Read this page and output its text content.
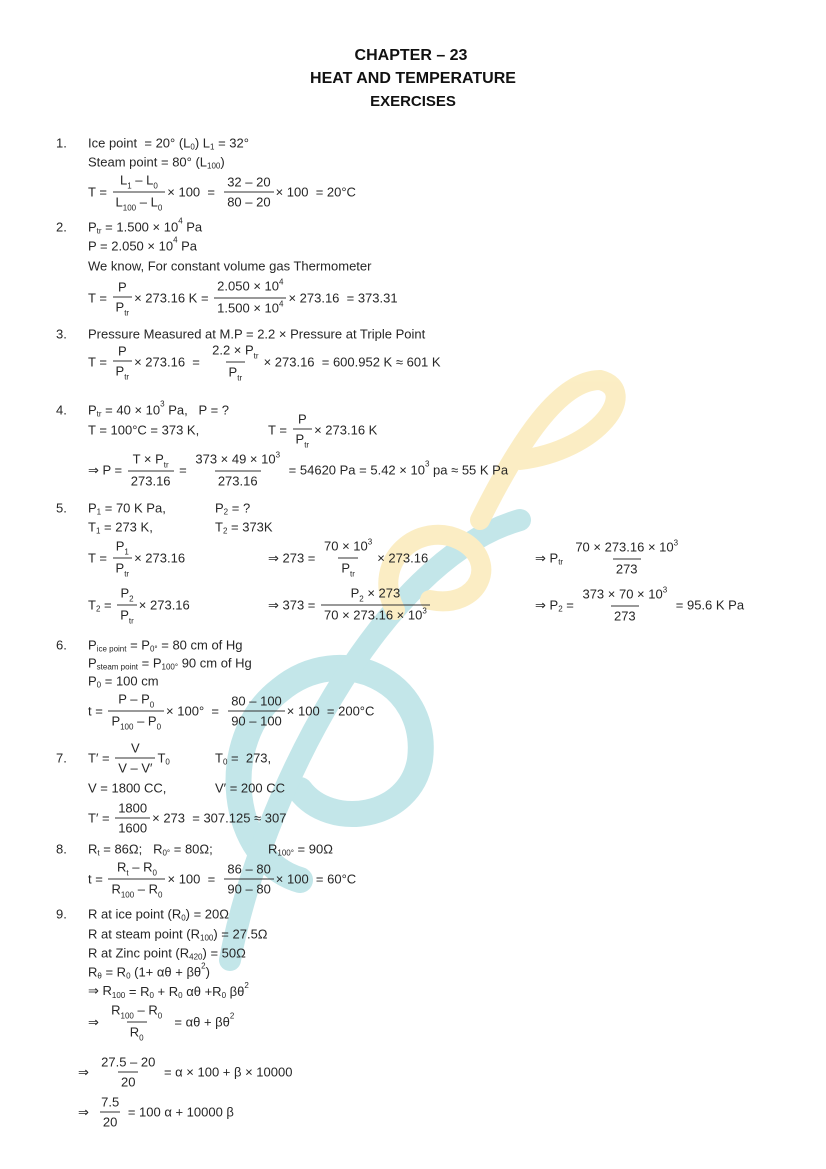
CHAPTER – 23
HEAT AND TEMPERATURE
EXERCISES
1. Ice point  = 20° (L 0 ) L 1 = 32°
Steam point = 80° (L 100 )
$T = \frac{L_1 - L_0}{L_{100} - L_0} \times 100 = \frac{32 - 20}{80 - 20} \times 100 = 20^\circ C$
2. P tr = 1.500 × 10 4 Pa
P = 2.050 × 10 4 Pa
We know, For constant volume gas Thermometer
$T = \frac{P}{P_{tr}} \times 273.16$ $K = \frac{2.050 \times 10^4}{1.500 \times 10^4} \times 273.16 = 373.31$
3. Pressure Measured at M.P = 2.2 × Pressure at Triple Point
$T = \frac{P}{P_{tr}} \times 273.16 = \frac{2.2 \times P_{tr}}{P_{tr}} \times 273.16 = 600.952$ K ≈ 601 K
4. P tr = 40 × 10 3 Pa,   P = ?
T = 100°C = 373 K,	$T = \frac{P}{P_{tr}} \times 273.16$ K
⇒ $P = \frac{T \times P_{tr}}{273.16} = \frac{373 \times 49 \times 10^3}{273.16} = 54620$ Pa = 5.42 × 10 3 pa ≈ 55 K Pa
5. P 1 = 70 K Pa,	P 2 = ?
T 1 = 273 K,	T 2 = 373K
$T = \frac{P_1}{P_{tr}} \times 273.16$	⇒ $273 = \frac{70 \times 10^3}{P_{tr}} \times 273.16$	⇒ P tr
$\frac{70 \times 273.16 \times 10^3}{273}$
T $2 = \frac{P_2}{P_{tr}} \times 273.16$	⇒ $373 = \frac{P_2 \times 273}{70 \times 273.16 \times 10^3}$	⇒ P $2 = \frac{373 \times 70 \times 10^3}{273} = 95.6$ K Pa
6. P ice point = P 0° = 80 cm of Hg
P steam point = P 100° 90 cm of Hg
P 0 = 100 cm
$t = \frac{P - P_0}{P_{100} - P_0} \times 100^\circ = \frac{80 - 100}{90 - 100} \times 100 = 200^\circ C$
7. $T' = \frac{V}{V - V'}$ T 0	T 0 =  273,
V = 1800 CC,	V′ = 200 CC
$T' = \frac{1800}{1600} \times 273 = 307.125 \approx 307$
8. R t = 86Ω;   R 0° = 80Ω;	R 100° = 90Ω
$t = \frac{R_t - R_0}{R_{100} - R_0} \times 100 = \frac{86 - 80}{90 - 80} \times 100 = 60^\circ C$
9. R at ice point (R 0 ) = 20Ω
R at steam point (R 100 ) = 27.5Ω
R at Zinc point (R 420 ) = 50Ω
R θ = R 0 (1+ αθ + βθ 2 )
⇒ R 100 = R 0 + R 0 αθ +R 0 βθ 2
⇒ $\frac{R_{100} - R_0}{R_0} = \alpha\theta + \beta\theta$ 2
⇒ $\frac{27.5 - 20}{20} = \alpha \times 100 + \beta \times 10000$
⇒ $\frac{7.5}{20} = 100$ α + 10000 β
